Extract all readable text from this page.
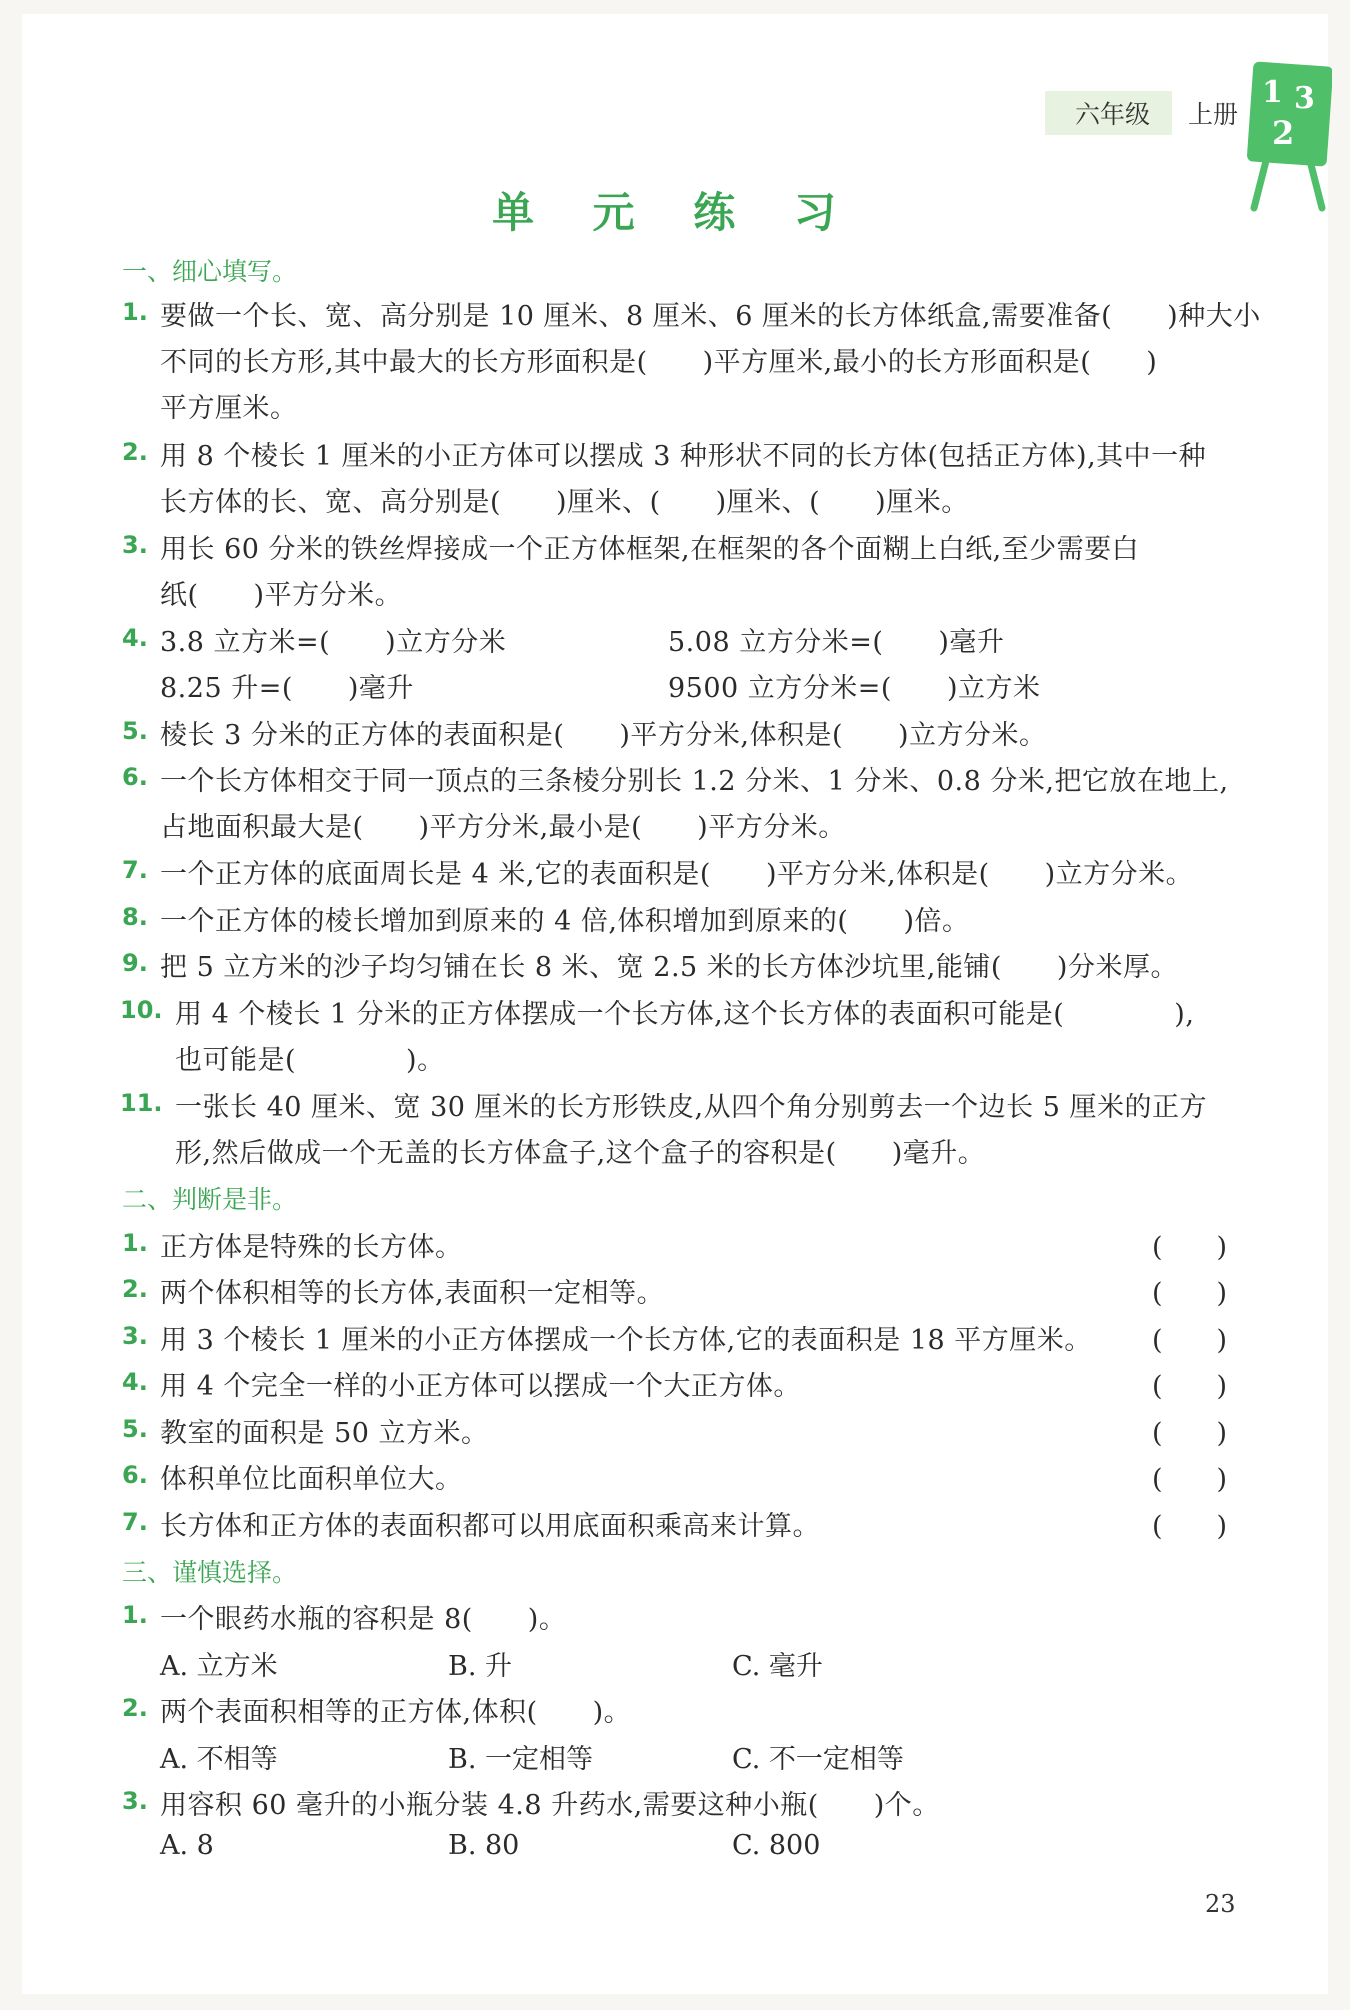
六年级	上册
1 3
2
单 元 练 习
一、细心填写。
1. 要做一个长、宽、高分别是 10 厘米、8 厘米、6 厘米的长方体纸盒,需要准备(　　)种大小
不同的长方形,其中最大的长方形面积是(　　)平方厘米,最小的长方形面积是(　　)
平方厘米。
2. 用 8 个棱长 1 厘米的小正方体可以摆成 3 种形状不同的长方体(包括正方体),其中一种
长方体的长、宽、高分别是(　　)厘米、(　　)厘米、(　　)厘米。
3. 用长 60 分米的铁丝焊接成一个正方体框架,在框架的各个面糊上白纸,至少需要白
纸(　　)平方分米。
4. 3.8 立方米=(　　)立方分米	5.08 立方分米=(　　)毫升
8.25 升=(　　)毫升	9500 立方分米=(　　)立方米
5. 棱长 3 分米的正方体的表面积是(　　)平方分米,体积是(　　)立方分米。
6. 一个长方体相交于同一顶点的三条棱分别长 1.2 分米、1 分米、0.8 分米,把它放在地上,
占地面积最大是(　　)平方分米,最小是(　　)平方分米。
7. 一个正方体的底面周长是 4 米,它的表面积是(　　)平方分米,体积是(　　)立方分米。
8. 一个正方体的棱长增加到原来的 4 倍,体积增加到原来的(　　)倍。
9. 把 5 立方米的沙子均匀铺在长 8 米、宽 2.5 米的长方体沙坑里,能铺(　　)分米厚。
10. 用 4 个棱长 1 分米的正方体摆成一个长方体,这个长方体的表面积可能是(　　　　),
也可能是(　　　　)。
11. 一张长 40 厘米、宽 30 厘米的长方形铁皮,从四个角分别剪去一个边长 5 厘米的正方
形,然后做成一个无盖的长方体盒子,这个盒子的容积是(　　)毫升。
二、判断是非。
1. 正方体是特殊的长方体。	(　　)
2. 两个体积相等的长方体,表面积一定相等。	(　　)
3. 用 3 个棱长 1 厘米的小正方体摆成一个长方体,它的表面积是 18 平方厘米。 (　　)
4. 用 4 个完全一样的小正方体可以摆成一个大正方体。	(　　)
5. 教室的面积是 50 立方米。	(　　)
6. 体积单位比面积单位大。	(　　)
7. 长方体和正方体的表面积都可以用底面积乘高来计算。	(　　)
三、谨慎选择。
1. 一个眼药水瓶的容积是 8(　　)。
A. 立方米	B. 升	C. 毫升
2. 两个表面积相等的正方体,体积(　　)。
A. 不相等	B. 一定相等	C. 不一定相等
3. 用容积 60 毫升的小瓶分装 4.8 升药水,需要这种小瓶(　　)个。
A. 8	B. 80	C. 800
23
